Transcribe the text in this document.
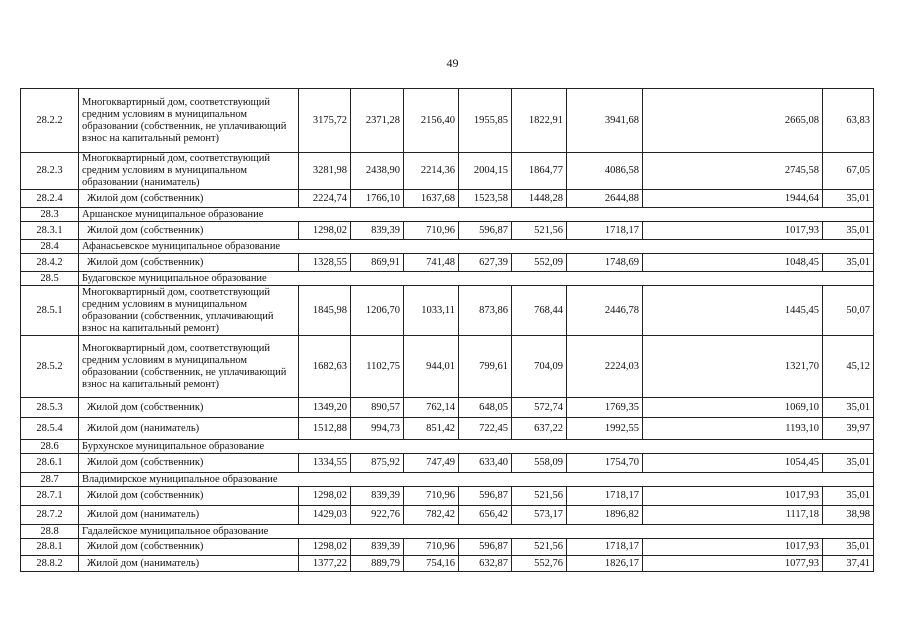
49
28.2.2	Многоквартирный дом, соответствующий средним условиям в муниципальном образовании (собственник, не уплачивающий взнос на капитальный ремонт)	3175,72	2371,28	2156,40	1955,85	1822,91	3941,68	2665,08	63,83
28.2.3	Многоквартирный дом, соответствующий средним условиям в муниципальном образовании (наниматель)	3281,98	2438,90	2214,36	2004,15	1864,77	4086,58	2745,58	67,05
28.2.4	Жилой дом (собственник)	2224,74	1766,10	1637,68	1523,58	1448,28	2644,88	1944,64	35,01
28.3	Аршанское муниципальное образование								
28.3.1	Жилой дом (собственник)	1298,02	839,39	710,96	596,87	521,56	1718,17	1017,93	35,01
28.4	Афанасьевское муниципальное образование								
28.4.2	Жилой дом (собственник)	1328,55	869,91	741,48	627,39	552,09	1748,69	1048,45	35,01
28.5	Будаговское муниципальное образование								
28.5.1	Многоквартирный дом, соответствующий средним условиям в муниципальном образовании (собственник, уплачивающий взнос на капитальный ремонт)	1845,98	1206,70	1033,11	873,86	768,44	2446,78	1445,45	50,07
28.5.2	Многоквартирный дом, соответствующий средним условиям в муниципальном образовании (собственник, не уплачивающий взнос на капитальный ремонт)	1682,63	1102,75	944,01	799,61	704,09	2224,03	1321,70	45,12
28.5.3	Жилой дом (собственник)	1349,20	890,57	762,14	648,05	572,74	1769,35	1069,10	35,01
28.5.4	Жилой дом (наниматель)	1512,88	994,73	851,42	722,45	637,22	1992,55	1193,10	39,97
28.6	Бурхунское муниципальное образование								
28.6.1	Жилой дом (собственник)	1334,55	875,92	747,49	633,40	558,09	1754,70	1054,45	35,01
28.7	Владимирское муниципальное образование								
28.7.1	Жилой дом (собственник)	1298,02	839,39	710,96	596,87	521,56	1718,17	1017,93	35,01
28.7.2	Жилой дом (наниматель)	1429,03	922,76	782,42	656,42	573,17	1896,82	1117,18	38,98
28.8	Гадалейское муниципальное образование								
28.8.1	Жилой дом (собственник)	1298,02	839,39	710,96	596,87	521,56	1718,17	1017,93	35,01
28.8.2	Жилой дом (наниматель)	1377,22	889,79	754,16	632,87	552,76	1826,17	1077,93	37,41
